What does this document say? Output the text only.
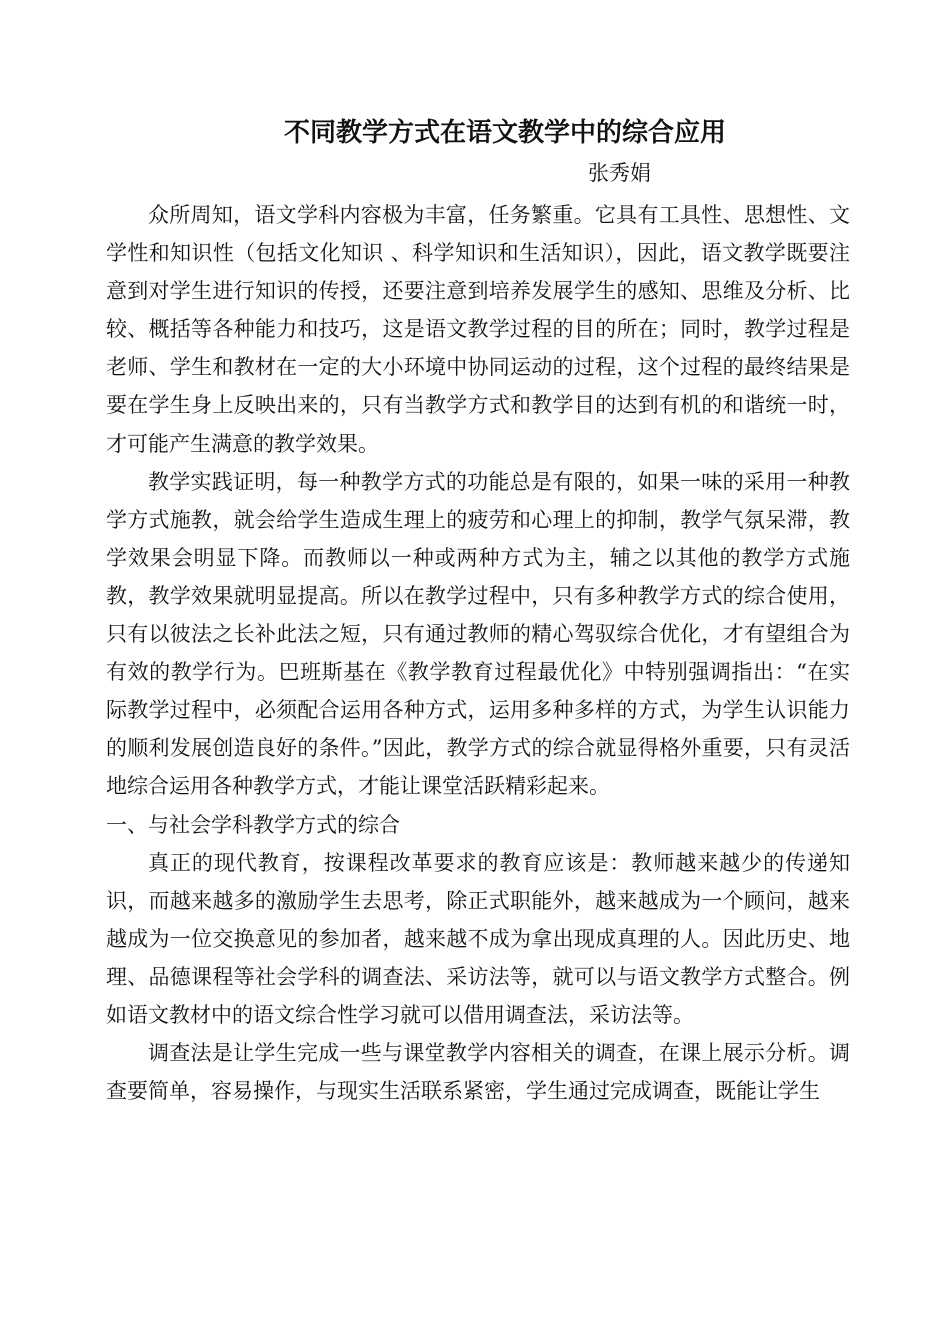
不同教学方式在语文教学中的综合应用
张秀娟

众所周知，语文学科内容极为丰富，任务繁重。它具有工具性、思想性、文学性和知识性（包括文化知识 、科学知识和生活知识），因此，语文教学既要注意到对学生进行知识的传授，还要注意到培养发展学生的感知、思维及分析、比较、概括等各种能力和技巧，这是语文教学过程的目的所在；同时，教学过程是老师、学生和教材在一定的大小环境中协同运动的过程，这个过程的最终结果是要在学生身上反映出来的，只有当教学方式和教学目的达到有机的和谐统一时，才可能产生满意的教学效果。

教学实践证明，每一种教学方式的功能总是有限的，如果一味的采用一种教学方式施教，就会给学生造成生理上的疲劳和心理上的抑制，教学气氛呆滞，教学效果会明显下降。而教师以一种或两种方式为主，辅之以其他的教学方式施教，教学效果就明显提高。所以在教学过程中，只有多种教学方式的综合使用，只有以彼法之长补此法之短，只有通过教师的精心驾驭综合优化，才有望组合为有效的教学行为。巴班斯基在《教学教育过程最优化》中特别强调指出：“在实际教学过程中，必须配合运用各种方式，运用多种多样的方式，为学生认识能力的顺利发展创造良好的条件。”因此，教学方式的综合就显得格外重要，只有灵活地综合运用各种教学方式，才能让课堂活跃精彩起来。

一、与社会学科教学方式的综合

真正的现代教育，按课程改革要求的教育应该是：教师越来越少的传递知识，而越来越多的激励学生去思考，除正式职能外，越来越成为一个顾问，越来越成为一位交换意见的参加者，越来越不成为拿出现成真理的人。因此历史、地理、品德课程等社会学科的调查法、采访法等，就可以与语文教学方式整合。例如语文教材中的语文综合性学习就可以借用调查法，采访法等。

调查法是让学生完成一些与课堂教学内容相关的调查，在课上展示分析。调查要简单，容易操作，与现实生活联系紧密，学生通过完成调查，既能让学生
